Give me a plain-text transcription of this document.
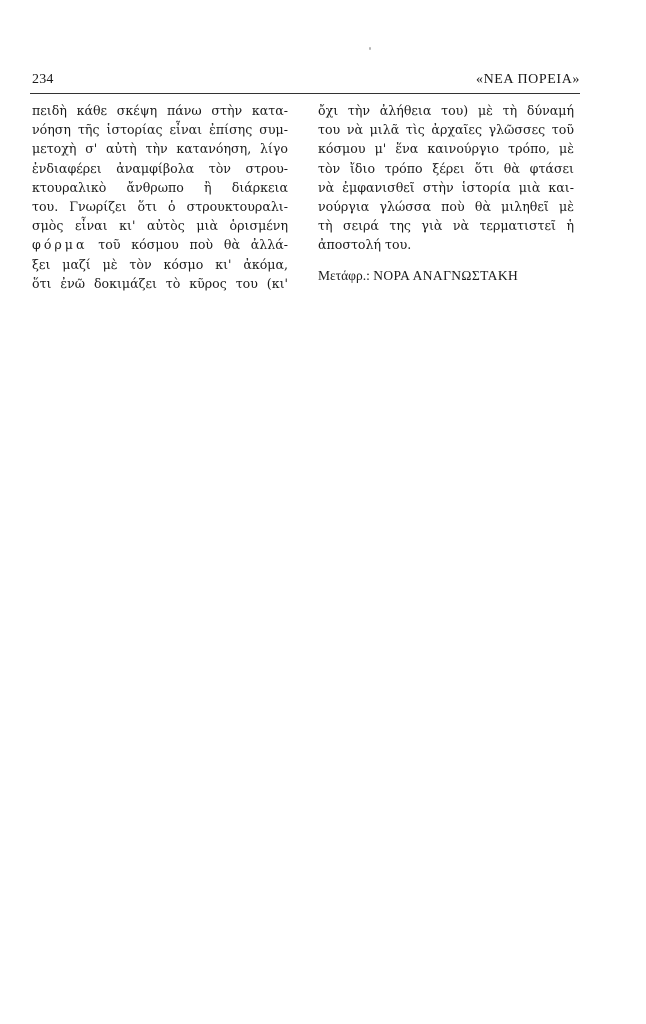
234	«ΝΕΑ ΠΟΡΕΙΑ»
πειδὴ κάθε σκέψη πάνω στὴν κατα-
νόηση τῆς ἱστορίας εἶναι ἐπίσης συμ-
μετοχὴ σ' αὐτὴ τὴν κατανόηση, λίγο
ἐνδιαφέρει ἀναμφίβολα τὸν στρου-
κτουραλικὸ ἄνθρωπο ἢ διάρκεια
του. Γνωρίζει ὅτι ὁ στρουκτουραλι-
σμὸς εἶναι κι' αὐτὸς μιὰ ὁρισμένη
φόρμα τοῦ κόσμου ποὺ θὰ ἀλλά-
ξει μαζί μὲ τὸν κόσμο κι' ἀκόμα,
ὅτι ἐνῶ δοκιμάζει τὸ κῦρος του (κι'
ὄχι τὴν ἀλήθεια του) μὲ τὴ δύναμή
του νὰ μιλᾶ τὶς ἀρχαῖες γλῶσσες τοῦ
κόσμου μ' ἕνα καινούργιο τρόπο, μὲ
τὸν ἴδιο τρόπο ξέρει ὅτι θὰ φτάσει
νὰ ἐμφανισθεῖ στὴν ἱστορία μιὰ και-
νούργια γλώσσα ποὺ θὰ μιληθεῖ μὲ
τὴ σειρά της γιὰ νὰ τερματιστεῖ ἡ
ἀποστολή του.
Μετάφρ.: ΝΟΡΑ ΑΝΑΓΝΩΣΤΑΚΗ
